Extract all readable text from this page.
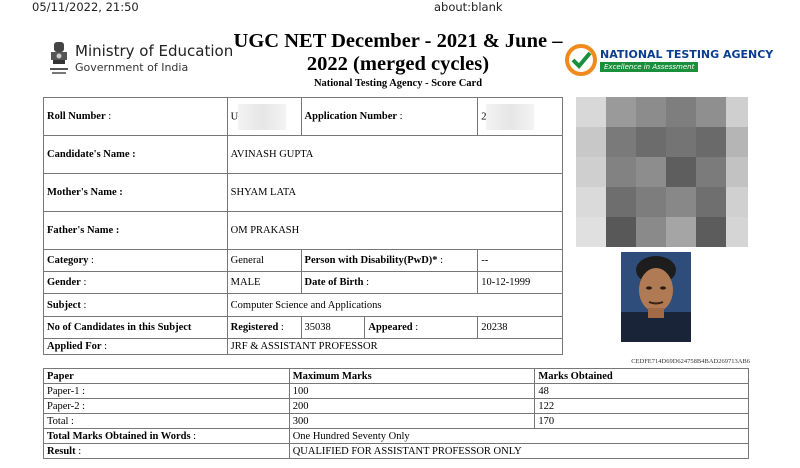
05/11/2022, 21:50	about:blank
Ministry of Education
Government of India
UGC NET December - 2021 & June – 2022 (merged cycles)
National Testing Agency - Score Card
NATIONAL TESTING AGENCY
Excellence in Assessment
Roll Number :	U	Application Number :		2
Candidate's Name :	AVINASH GUPTA			
Mother's Name :	SHYAM LATA			
Father's Name :	OM PRAKASH			
Category :	General	Person with Disability(PwD)* :		--
Gender :	MALE	Date of Birth :		10-12-1999
Subject :	Computer Science and Applications			
No of Candidates in this Subject	Registered :	35038	Appeared :	20238
Applied For :	JRF & ASSISTANT PROFESSOR			
CEDFE714D69D624758B4BAD269713AB6
Paper	Maximum Marks	Marks Obtained
Paper-1 :	100	48
Paper-2 :	200	122
Total :	300	170
Total Marks Obtained in Words :	One Hundred Seventy Only	
Result :	QUALIFIED FOR ASSISTANT PROFESSOR ONLY	
